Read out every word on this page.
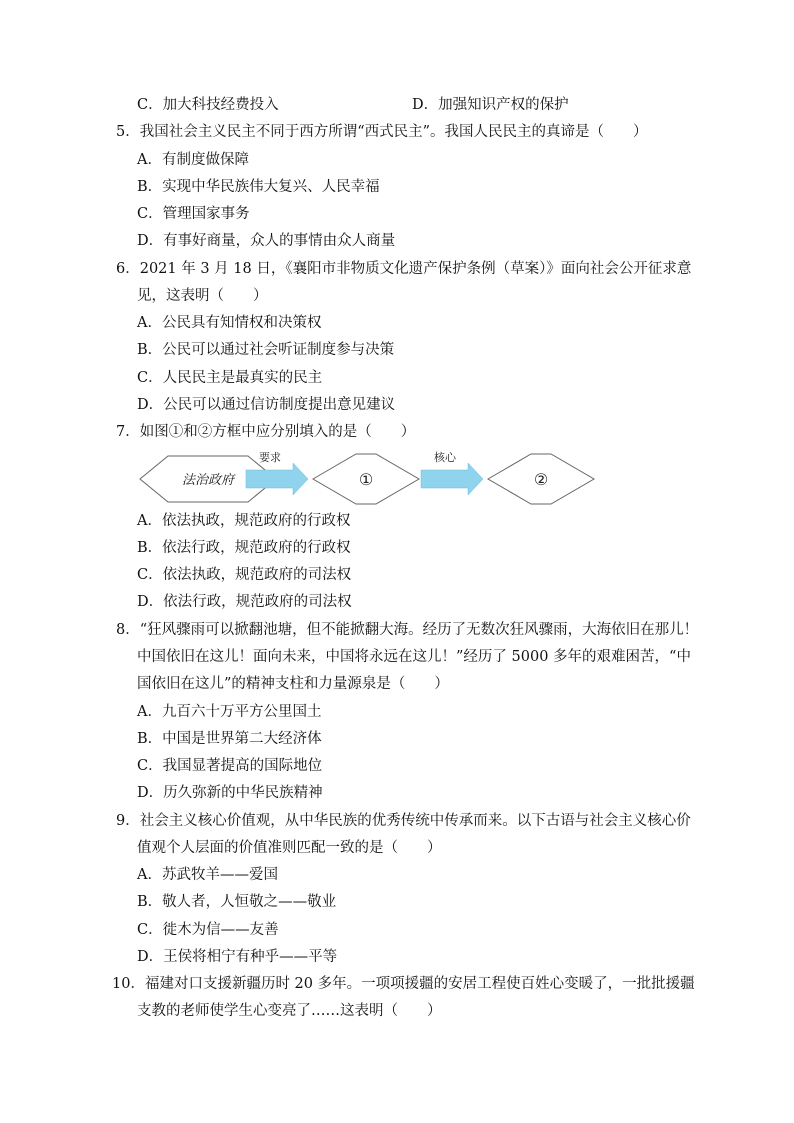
C．加大科技经费投入	D．加强知识产权的保护
5．我国社会主义民主不同于西方所谓“西式民主”。我国人民民主的真谛是（　　）
A．有制度做保障
B．实现中华民族伟大复兴、人民幸福
C．管理国家事务
D．有事好商量，众人的事情由众人商量
6．2021 年 3 月 18 日，《襄阳市非物质文化遗产保护条例（草案）》面向社会公开征求意
见，这表明（　　）
A．公民具有知情权和决策权
B．公民可以通过社会听证制度参与决策
C．人民民主是最真实的民主
D．公民可以通过信访制度提出意见建议
7．如图①和②方框中应分别填入的是（　　）
法治政府
要求
①
核心
②
A．依法执政，规范政府的行政权
B．依法行政，规范政府的行政权
C．依法执政，规范政府的司法权
D．依法行政，规范政府的司法权
8．“狂风骤雨可以掀翻池塘，但不能掀翻大海。经历了无数次狂风骤雨，大海依旧在那儿！
中国依旧在这儿！面向未来，中国将永远在这儿！”经历了 5000 多年的艰难困苦，“中
国依旧在这儿”的精神支柱和力量源泉是（　　）
A．九百六十万平方公里国土
B．中国是世界第二大经济体
C．我国显著提高的国际地位
D．历久弥新的中华民族精神
9．社会主义核心价值观，从中华民族的优秀传统中传承而来。以下古语与社会主义核心价
值观个人层面的价值准则匹配一致的是（　　）
A．苏武牧羊——爱国
B．敬人者，人恒敬之——敬业
C．徙木为信——友善
D．王侯将相宁有种乎——平等
10．福建对口支援新疆历时 20 多年。一项项援疆的安居工程使百姓心变暖了，一批批援疆
支教的老师使学生心变亮了……这表明（　　）
